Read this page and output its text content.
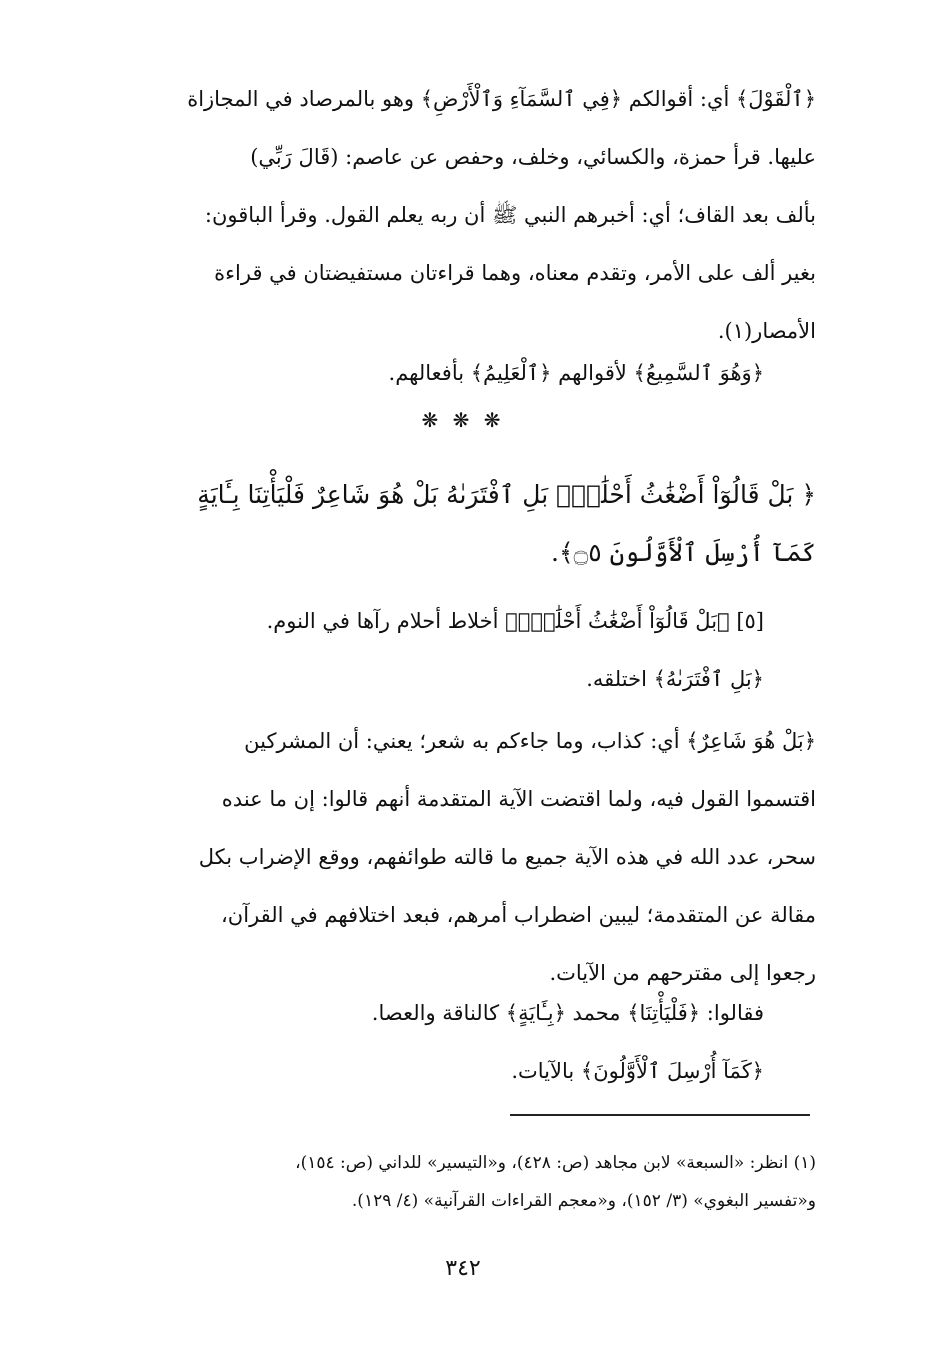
﴿ٱلْقَوْلَ﴾ أي: أقوالكم ﴿فِي ٱلسَّمَآءِ وَٱلْأَرْضِ﴾ وهو بالمرصاد في المجازاة
عليها. قرأ حمزة، والكسائي، وخلف، وحفص عن عاصم: (قَالَ رَبِّي)
بألف بعد القاف؛ أي: أخبرهم النبي ﷺ أن ربه يعلم القول. وقرأ الباقون:
بغير ألف على الأمر، وتقدم معناه، وهما قراءتان مستفيضتان في قراءة
الأمصار(١).
﴿وَهُوَ ٱلسَّمِيعُ﴾ لأقوالهم ﴿ٱلْعَلِيمُ﴾ بأفعالهم.
❋ ❋ ❋
﴿ بَلْ قَالُوٓاْ أَضْغَٰثُ أَحْلَٰمِۭ بَلِ ٱفْتَرَىٰهُ بَلْ هُوَ شَاعِرٌ فَلْيَأْتِنَا بِـَٔايَةٍ
كَمَآ أُرْسِلَ ٱلْأَوَّلُونَ ۝٥﴾.
[٥] ﴿بَلْ قَالُوٓاْ أَضْغَٰثُ أَحْلَٰمِۭ﴾ أخلاط أحلام رآها في النوم.
﴿بَلِ ٱفْتَرَىٰهُ﴾ اختلقه.
﴿بَلْ هُوَ شَاعِرٌ﴾ أي: كذاب، وما جاءكم به شعر؛ يعني: أن المشركين
اقتسموا القول فيه، ولما اقتضت الآية المتقدمة أنهم قالوا: إن ما عنده
سحر، عدد الله في هذه الآية جميع ما قالته طوائفهم، ووقع الإضراب بكل
مقالة عن المتقدمة؛ ليبين اضطراب أمرهم، فبعد اختلافهم في القرآن،
رجعوا إلى مقترحهم من الآيات.
فقالوا: ﴿فَلْيَأْتِنَا﴾ محمد ﴿بِـَٔايَةٍ﴾ كالناقة والعصا.
﴿كَمَآ أُرْسِلَ ٱلْأَوَّلُونَ﴾ بالآيات.
(١) انظر: «السبعة» لابن مجاهد (ص: ٤٢٨)، و«التيسير» للداني (ص: ١٥٤)،
و«تفسير البغوي» (٣/ ١٥٢)، و«معجم القراءات القرآنية» (٤/ ١٢٩).
٣٤٢
